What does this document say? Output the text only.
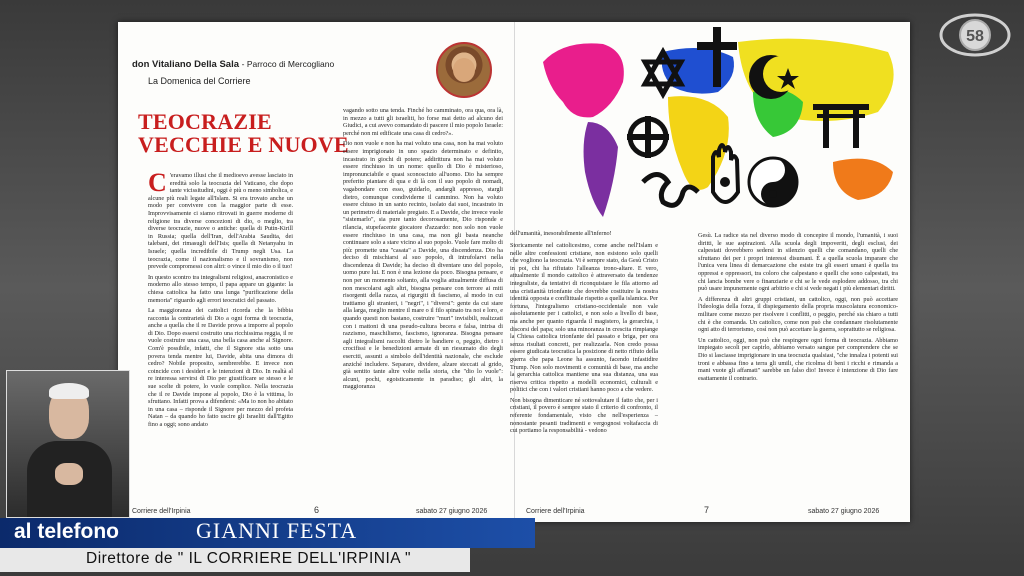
don Vitaliano Della Sala - Parroco di Mercogliano
La Domenica del Corriere
TEOCRAZIE
VECCHIE E NUOVE

C 'eravamo illusi che il medioevo avesse lasciato in eredità solo la teocrazia del Vaticano, che dopo tante vicissitudini, oggi è più o meno simbolica, e alcune più reali legate all'Islam. Si era trovato anche un modo per convivere con la maggior parte di esse. Improvvisamente ci siamo ritrovati in guerre moderne di religione tra diverse concezioni di dio, o meglio, tra diverse teocrazie, nuove o antiche: quella di Putin-Kirill in Russia; quella dell'Iran, dell'Arabia Saudita, dei talebani, dei rimasugli dell'Isis; quella di Netanyahu in Israele; quella incredibile di Trump negli Usa. La teocrazia, come il nazionalismo e il sovranismo, non prevede compromessi con altri: o vince il mio dio o il tuo!

In questo scontro tra integralismi religiosi, anacronistico e moderno allo stesso tempo, il papa appare un gigante: la chiesa cattolica ha fatto una lunga "purificazione della memoria" riguardo agli errori teocratici del passato.

La maggioranza dei cattolici ricorda che la bibbia racconta la contrarietà di Dio a ogni forma di teocrazia, anche a quella che il re Davide prova a imporre al popolo di Dio. Dopo essersi costruito una ricchissima reggia, il re vuole costruire una casa, una bella casa anche al Signore. Com'è possibile, infatti, che il Signore stia sotto una povera tenda mentre lui, Davide, abita una dimora di cedro? Nobile proposito, sembrerebbe. E invece non coincide con i desideri e le intenzioni di Dio. In realtà al re interessa servirsi di Dio per giustificare se stesso e le sue scelte di potere, lo vuole complice. Nella teocrazia che il re Davide impone al popolo, Dio è la vittima, lo sfruttano. Infatti prova a difendersi: «Ma io non ho abitato in una casa – risponde il Signore per mezzo del profeta Natan – da quando ho fatto uscire gli Israeliti dall'Egitto fino a oggi; sono andato

vagando sotto una tenda. Finché ho camminato, ora qua, ora là, in mezzo a tutti gli israeliti, ho forse mai detto ad alcuno dei Giudici, a cui avevo comandato di pascere il mio popolo Israele: perché non mi edificate una casa di cedro?».

Dio non vuole e non ha mai voluto una casa, non ha mai voluto essere imprigionato in uno spazio determinato e definito, incastrato in giochi di potere; addirittura non ha mai voluto essere rinchiuso in un nome: quello di Dio è misterioso, impronunciabile e quasi sconosciuto all'uomo. Dio ha sempre preferito piantare di qua e di là con il suo popolo di nomadi, vagabondare con esso, guidarlo, andargli appresso, stargli dietro, comunque condividerne il cammino. Non ha voluto essere chiuso in un santo recinto, isolato dai suoi, incastrato in un perimetro di materiale pregiato. E a Davide, che invece vuole "sistemarlo", sia pure tanto decorosamente, Dio risponde e rilancia, stupefacente giocatore d'azzardo: non solo non vuole essere rinchiuso in una casa, ma non gli basta neanche continuare solo a stare vicino al suo popolo. Vuole fare molto di più: promette una "casata" a Davide, una discendenza. Dio ha deciso di mischiarsi al suo popolo, di intrufolarvi nella discendenza di Davide; ha deciso di diventare uno del popolo, uomo pure lui. E non è una lezione da poco. Bisogna pensare, e non per un momento soltanto, alla voglia attualmente diffusa di non mescolarsi agli altri, bisogna pensare con terrore ai miti risorgenti della razza, ai rigurgiti di fascismo, al modo in cui trattiamo gli stranieri, i "negri", i "diversi": gente da cui stare alla larga, meglio mentre il mare o il filo spinato tra noi e loro, e quando questi non bastano, costruire "muri" invisibili, realizzati con i mattoni di una pseudo-cultura becera e falsa, intrisa di razzismo, maschilismo, fascismo, ignoranza. Bisogna pensare agli integralismi raccolti dietro le bandiere o, peggio, dietro i crocifissi e le benedizioni armate di un riesumato dio degli eserciti, assunti a simbolo dell'identità nazionale, che esclude anziché includere. Separare, dividere, alzare steccati al grido, già sentito tante altre volte nella storia, che "dio lo vuole": alcuni, pochi, egoisticamente in paradiso; gli altri, la maggioranza

Corriere dell'Irpinia	6	sabato 27 giugno 2026
dell'umanità, inesorabilmente all'inferno!

Storicamente nel cattolicesimo, come anche nell'Islam e nelle altre confessioni cristiane, non esistono solo quelli che vogliono la teocrazia. Vi è sempre stato, da Gesù Cristo in poi, chi ha rifiutato l'alleanza trono-altare. E vero, attualmente il mondo cattolico è attraversato da tendenze integraliste, da tentativi di riconquistare le fila attorno ad una cristianità trionfante che dovrebbe costituire la nostra identità opposta e conflittuale rispetto a quella islamica. Per fortuna, l'integralismo cristiano-occidentale non vale assolutamente per i cattolici, e non solo a livello di base, ma anche per quanto riguarda il magistero, la gerarchia, i discorsi del papa; solo una minoranza in crescita rimpiange la Chiesa cattolica trionfante del passato e briga, per ora senza risultati concreti, per realizzarla. Non credo possa essere giudicata teocratica la posizione di netto rifiuto della guerra che papa Leone ha assunto, facendo infastidire Trump. Non solo movimenti e comunità di base, ma anche la gerarchia cattolica mantiene una sua distanza, una sua riserva critica rispetto a modelli economici, culturali e politici che con i valori cristiani hanno poco a che vedere.

Non bisogna dimenticare né sottovalutare il fatto che, per i cristiani, il povero è sempre stato il criterio di confronto, il referente fondamentale, visto che nell'esperienza – nonostante pesanti tradimenti e vergognosi voltafaccia di cui portiamo la responsabilità - vedono

Gesù. La radice sta nel diverso modo di concepire il mondo, l'umanità, i suoi diritti, le sue aspirazioni. Alla scuola degli impoveriti, degli esclusi, dei calpestati dovrebbero sedersi in silenzio quelli che comandano, quelli che sfruttano dei per i propri interessi disumani. È a quella scuola imparare che l'unica vera linea di demarcazione che esiste tra gli esseri umani è quella tra oppressi e oppressori, tra coloro che calpestano e quelli che sono calpestati, tra chi lancia bombe vere o finanziarie e chi se le vede esplodere addosso, tra chi può usare impunemente ogni arbitrio e chi si vede negati i più elementari diritti.

A differenza di altri gruppi cristiani, un cattolico, oggi, non può accettare l'ideologia della forza, il dispiegamento della propria muscolatura economico-militare come mezzo per risolvere i conflitti, o peggio, perché sia chiaro a tutti chi è che comanda. Un cattolico, come non può che condannare risolutamente ogni atto di terrorismo, così non può accettare la guerra, soprattutto se religiosa.

Un cattolico, oggi, non può che respingere ogni forma di teocrazia. Abbiamo impiegato secoli per capirlo, abbiamo versato sangue per comprendere che se Dio si lasciasse imprigionare in una teocrazia qualsiasi, "che innalza i potenti sui troni e abbassa fino a terra gli umili, che ricolma di beni i ricchi e rimanda a mani vuote gli affamati" sarebbe un falso dio! Invece è intenzione di Dio fare esattamente il contrario.

Corriere dell'Irpinia	7	sabato 27 giugno 2026
58
al telefono	GIANNI FESTA
Direttore de " IL CORRIERE DELL'IRPINIA "
